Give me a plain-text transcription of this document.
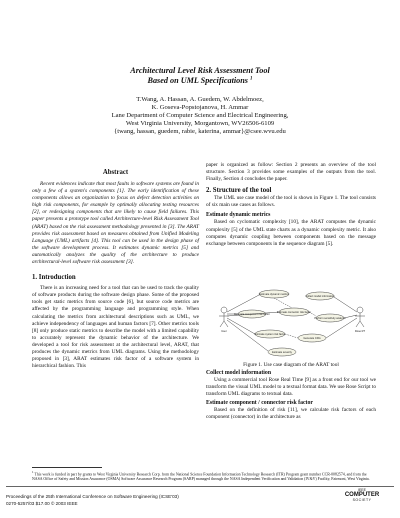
Architectural Level Risk Assessment Tool
Based on UML Specifications $^1$
T.Wang, A. Hassan, A. Guedem, W. Abdelmoez,
K. Goseva-Popstojanova, H. Ammar
Lane Department of Computer Science and Electrical Engineering,
West Virginia University, Morgantown, WV26506-6109
{twang, hassan, guedem, rabie, katerina, ammar}@csee.wvu.edu
Abstract

Recent evidences indicate that most faults in software systems are found in only a few of a system's components [1]. The early identification of these components allows an organization to focus on defect detection activities on high risk components, for example by optimally allocating testing resources [2], or redesigning components that are likely to cause field failures. This paper presents a prototype tool called Architecture-level Risk Assessment Tool (ARAT) based on the risk assessment methodology presented in [3]. The ARAT provides risk assessment based on measures obtained from Unified Modeling Language (UML) artifacts [4]. This tool can be used in the design phase of the software development process. It estimates dynamic metrics [5] and automatically analyzes the quality of the architecture to produce architectural-level software risk assessment [3].

1. Introduction

There is an increasing need for a tool that can be used to track the quality of software products during the software design phase. Some of the proposed tools get static metrics from source code [6], but source code metrics are affected by the programming language and programming style. When calculating the metrics from architectural descriptions such as UML, we achieve independency of languages and human factors [7]. Other metrics tools [8] only produce static metrics to describe the model with a limited capability to accurately represent the dynamic behavior of the architecture. We developed a tool for risk assessment at the architectural level, ARAT, that produces the dynamic metrics from UML diagrams. Using the methodology proposed in [3], ARAT estimates risk factor of a software system in hierarchical fashion. This

paper is organized as follow: Section 2 presents an overview of the tool structure. Section 3 provides some examples of the outputs from the tool. Finally, Section 4 concludes the paper.

2. Structure of the tool

The UML use case model of the tool is shown in Figure 1. The tool consists of six main use cases as follows.

Estimate dynamic metrics

Based on cyclomatic complexity [10], the ARAT computes the dynamic complexity [5] of the UML state charts as a dynamic complexity metric. It also computes dynamic coupling between components based on the message exchange between components in the sequence diagram [5].

Estimate dynamic metrics
Collect model information
Estimate component risk factor
Estimate connector risk factor
Perform sensitivity analysis
Estimate system risk factor
Generate CDG
Estimate severity
User	Rose RT

Figure 1. Use case diagram of the ARAT tool

Collect model information

Using a commercial tool Rose Real Time [9] as a front end for our tool we transform the visual UML model to a textual format data. We use Rose Script to transform UML diagrams to textual data.

Estimate component / connector risk factor

Based on the definition of risk [11], we calculate risk factors of each component (connector) in the architecture as

$^1$ This work is funded in part by grants to West Virginia University Research Corp. from the National Science Foundation Information Technology Research (ITR) Program grant number CCR-0082574, and from the NASA Office of Safety and Mission Assurance (OSMA) Software Assurance Research Program (SARP) managed through the NASA Independent Verification and Validation (IV&V) Facility, Fairmont, West Virginia.
Proceedings of the 25th International Conference on Software Engineering (ICSE'03)
0270-5257/03 $17.00 © 2003 IEEE
IEEE
COMPUTER
SOCIETY
